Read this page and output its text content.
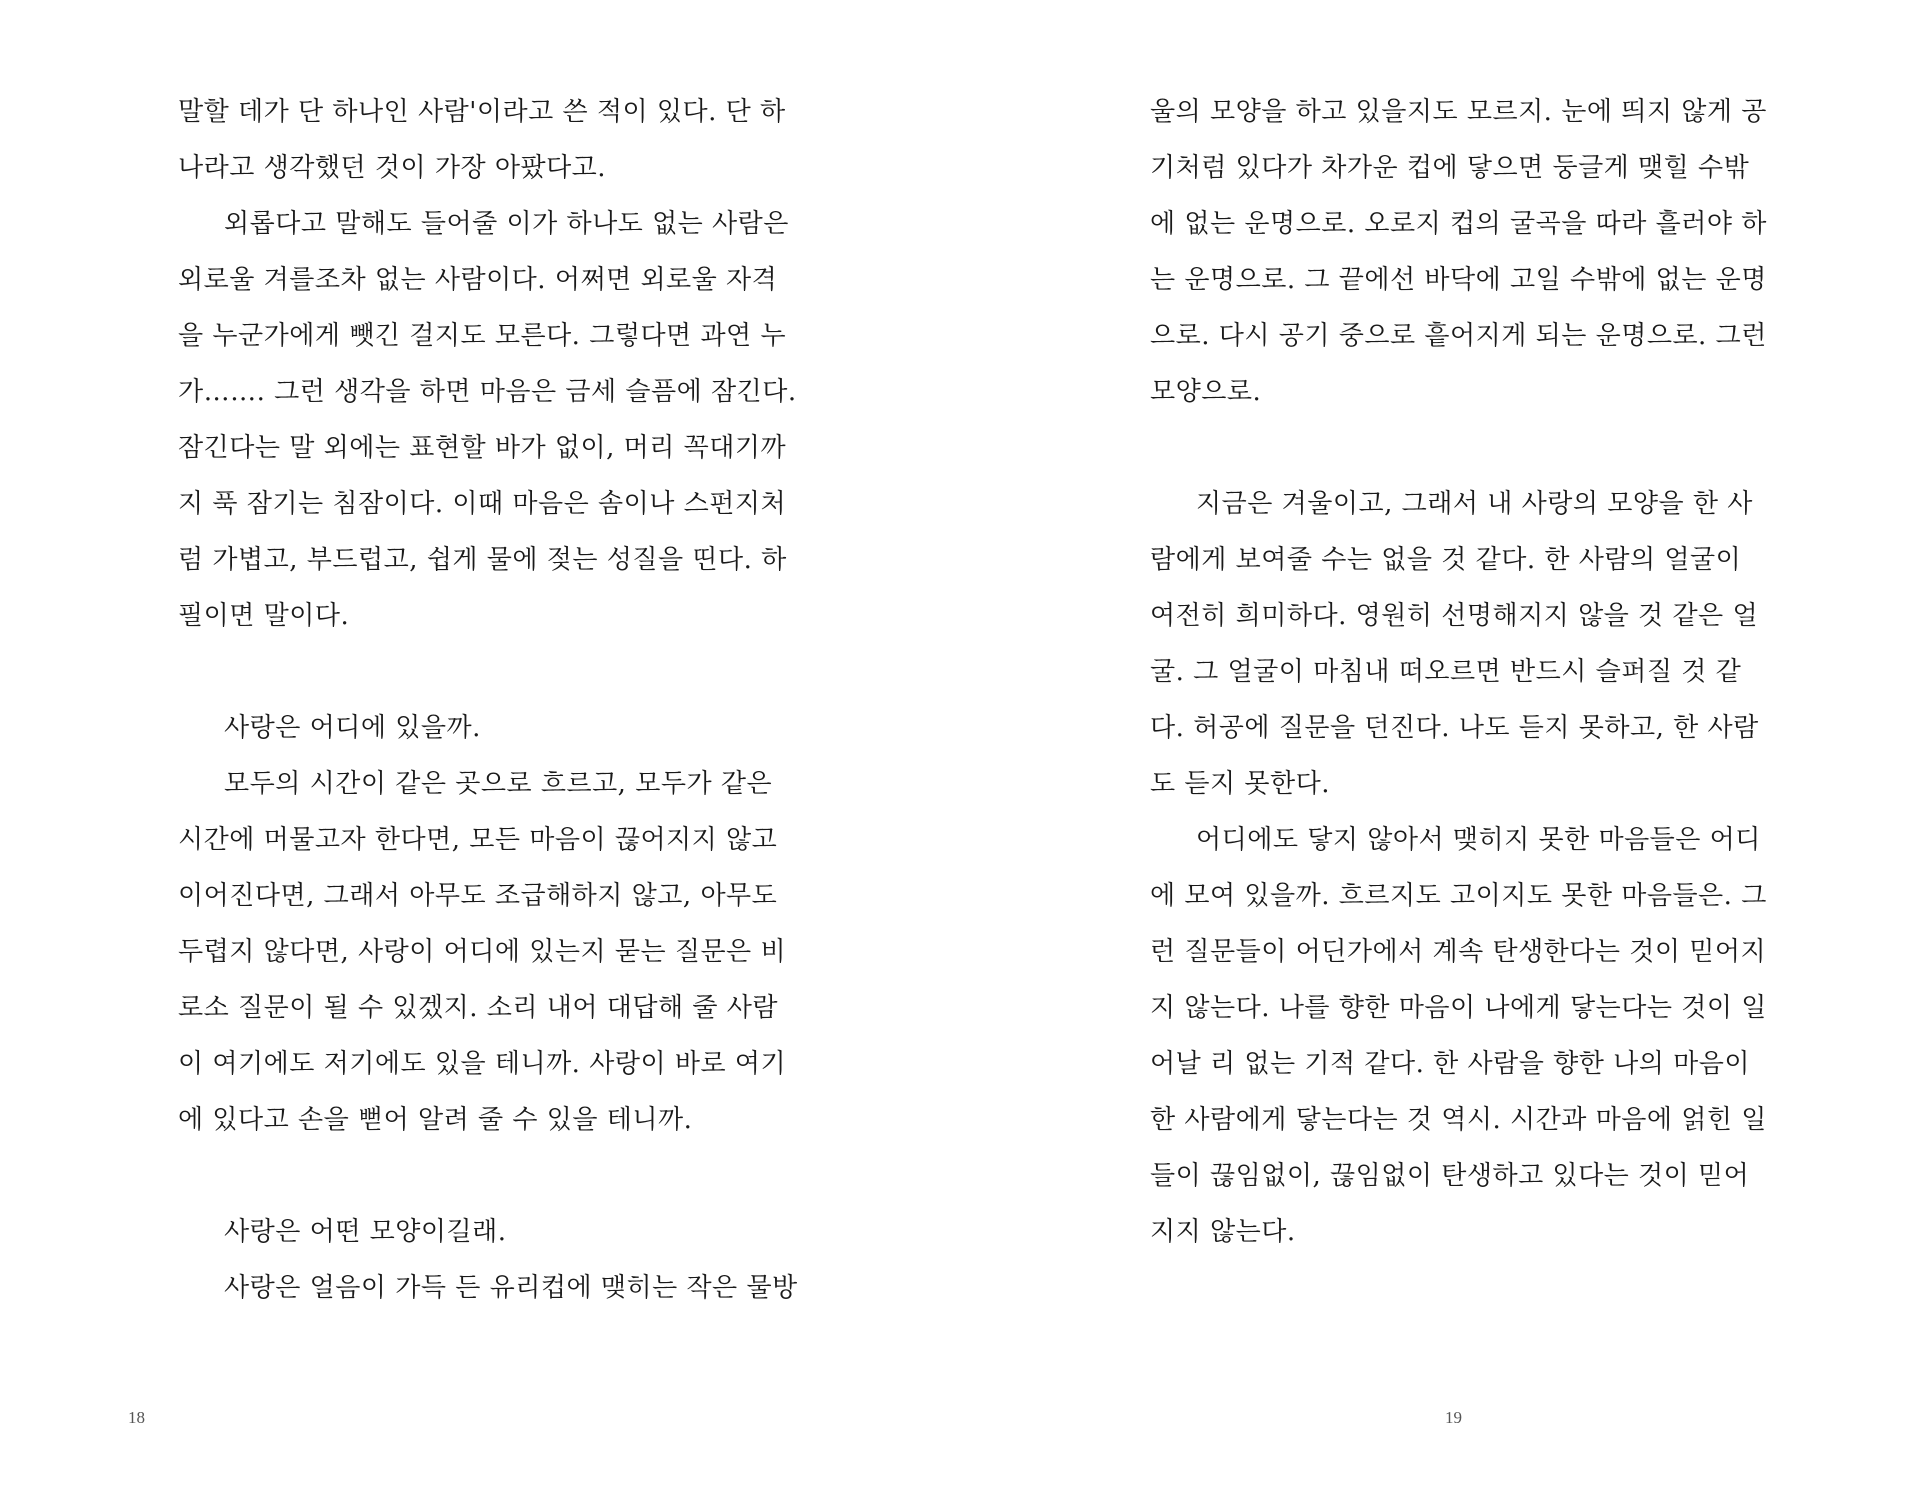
말할 데가 단 하나인 사람'이라고 쓴 적이 있다. 단 하
나라고 생각했던 것이 가장 아팠다고.
외롭다고 말해도 들어줄 이가 하나도 없는 사람은
외로울 겨를조차 없는 사람이다. 어쩌면 외로울 자격
을 누군가에게 뺏긴 걸지도 모른다. 그렇다면 과연 누
가……. 그런 생각을 하면 마음은 금세 슬픔에 잠긴다.
잠긴다는 말 외에는 표현할 바가 없이, 머리 꼭대기까
지 푹 잠기는 침잠이다. 이때 마음은 솜이나 스펀지처
럼 가볍고, 부드럽고, 쉽게 물에 젖는 성질을 띤다. 하
필이면 말이다.
사랑은 어디에 있을까.
모두의 시간이 같은 곳으로 흐르고, 모두가 같은
시간에 머물고자 한다면, 모든 마음이 끊어지지 않고
이어진다면, 그래서 아무도 조급해하지 않고, 아무도
두렵지 않다면, 사랑이 어디에 있는지 묻는 질문은 비
로소 질문이 될 수 있겠지. 소리 내어 대답해 줄 사람
이 여기에도 저기에도 있을 테니까. 사랑이 바로 여기
에 있다고 손을 뻗어 알려 줄 수 있을 테니까.
사랑은 어떤 모양이길래.
사랑은 얼음이 가득 든 유리컵에 맺히는 작은 물방
18
울의 모양을 하고 있을지도 모르지. 눈에 띄지 않게 공
기처럼 있다가 차가운 컵에 닿으면 둥글게 맺힐 수밖
에 없는 운명으로. 오로지 컵의 굴곡을 따라 흘러야 하
는 운명으로. 그 끝에선 바닥에 고일 수밖에 없는 운명
으로. 다시 공기 중으로 흩어지게 되는 운명으로. 그런
모양으로.
지금은 겨울이고, 그래서 내 사랑의 모양을 한 사
람에게 보여줄 수는 없을 것 같다. 한 사람의 얼굴이
여전히 희미하다. 영원히 선명해지지 않을 것 같은 얼
굴. 그 얼굴이 마침내 떠오르면 반드시 슬퍼질 것 같
다. 허공에 질문을 던진다. 나도 듣지 못하고, 한 사람
도 듣지 못한다.
어디에도 닿지 않아서 맺히지 못한 마음들은 어디
에 모여 있을까. 흐르지도 고이지도 못한 마음들은. 그
런 질문들이 어딘가에서 계속 탄생한다는 것이 믿어지
지 않는다. 나를 향한 마음이 나에게 닿는다는 것이 일
어날 리 없는 기적 같다. 한 사람을 향한 나의 마음이
한 사람에게 닿는다는 것 역시. 시간과 마음에 얽힌 일
들이 끊임없이, 끊임없이 탄생하고 있다는 것이 믿어
지지 않는다.
19
